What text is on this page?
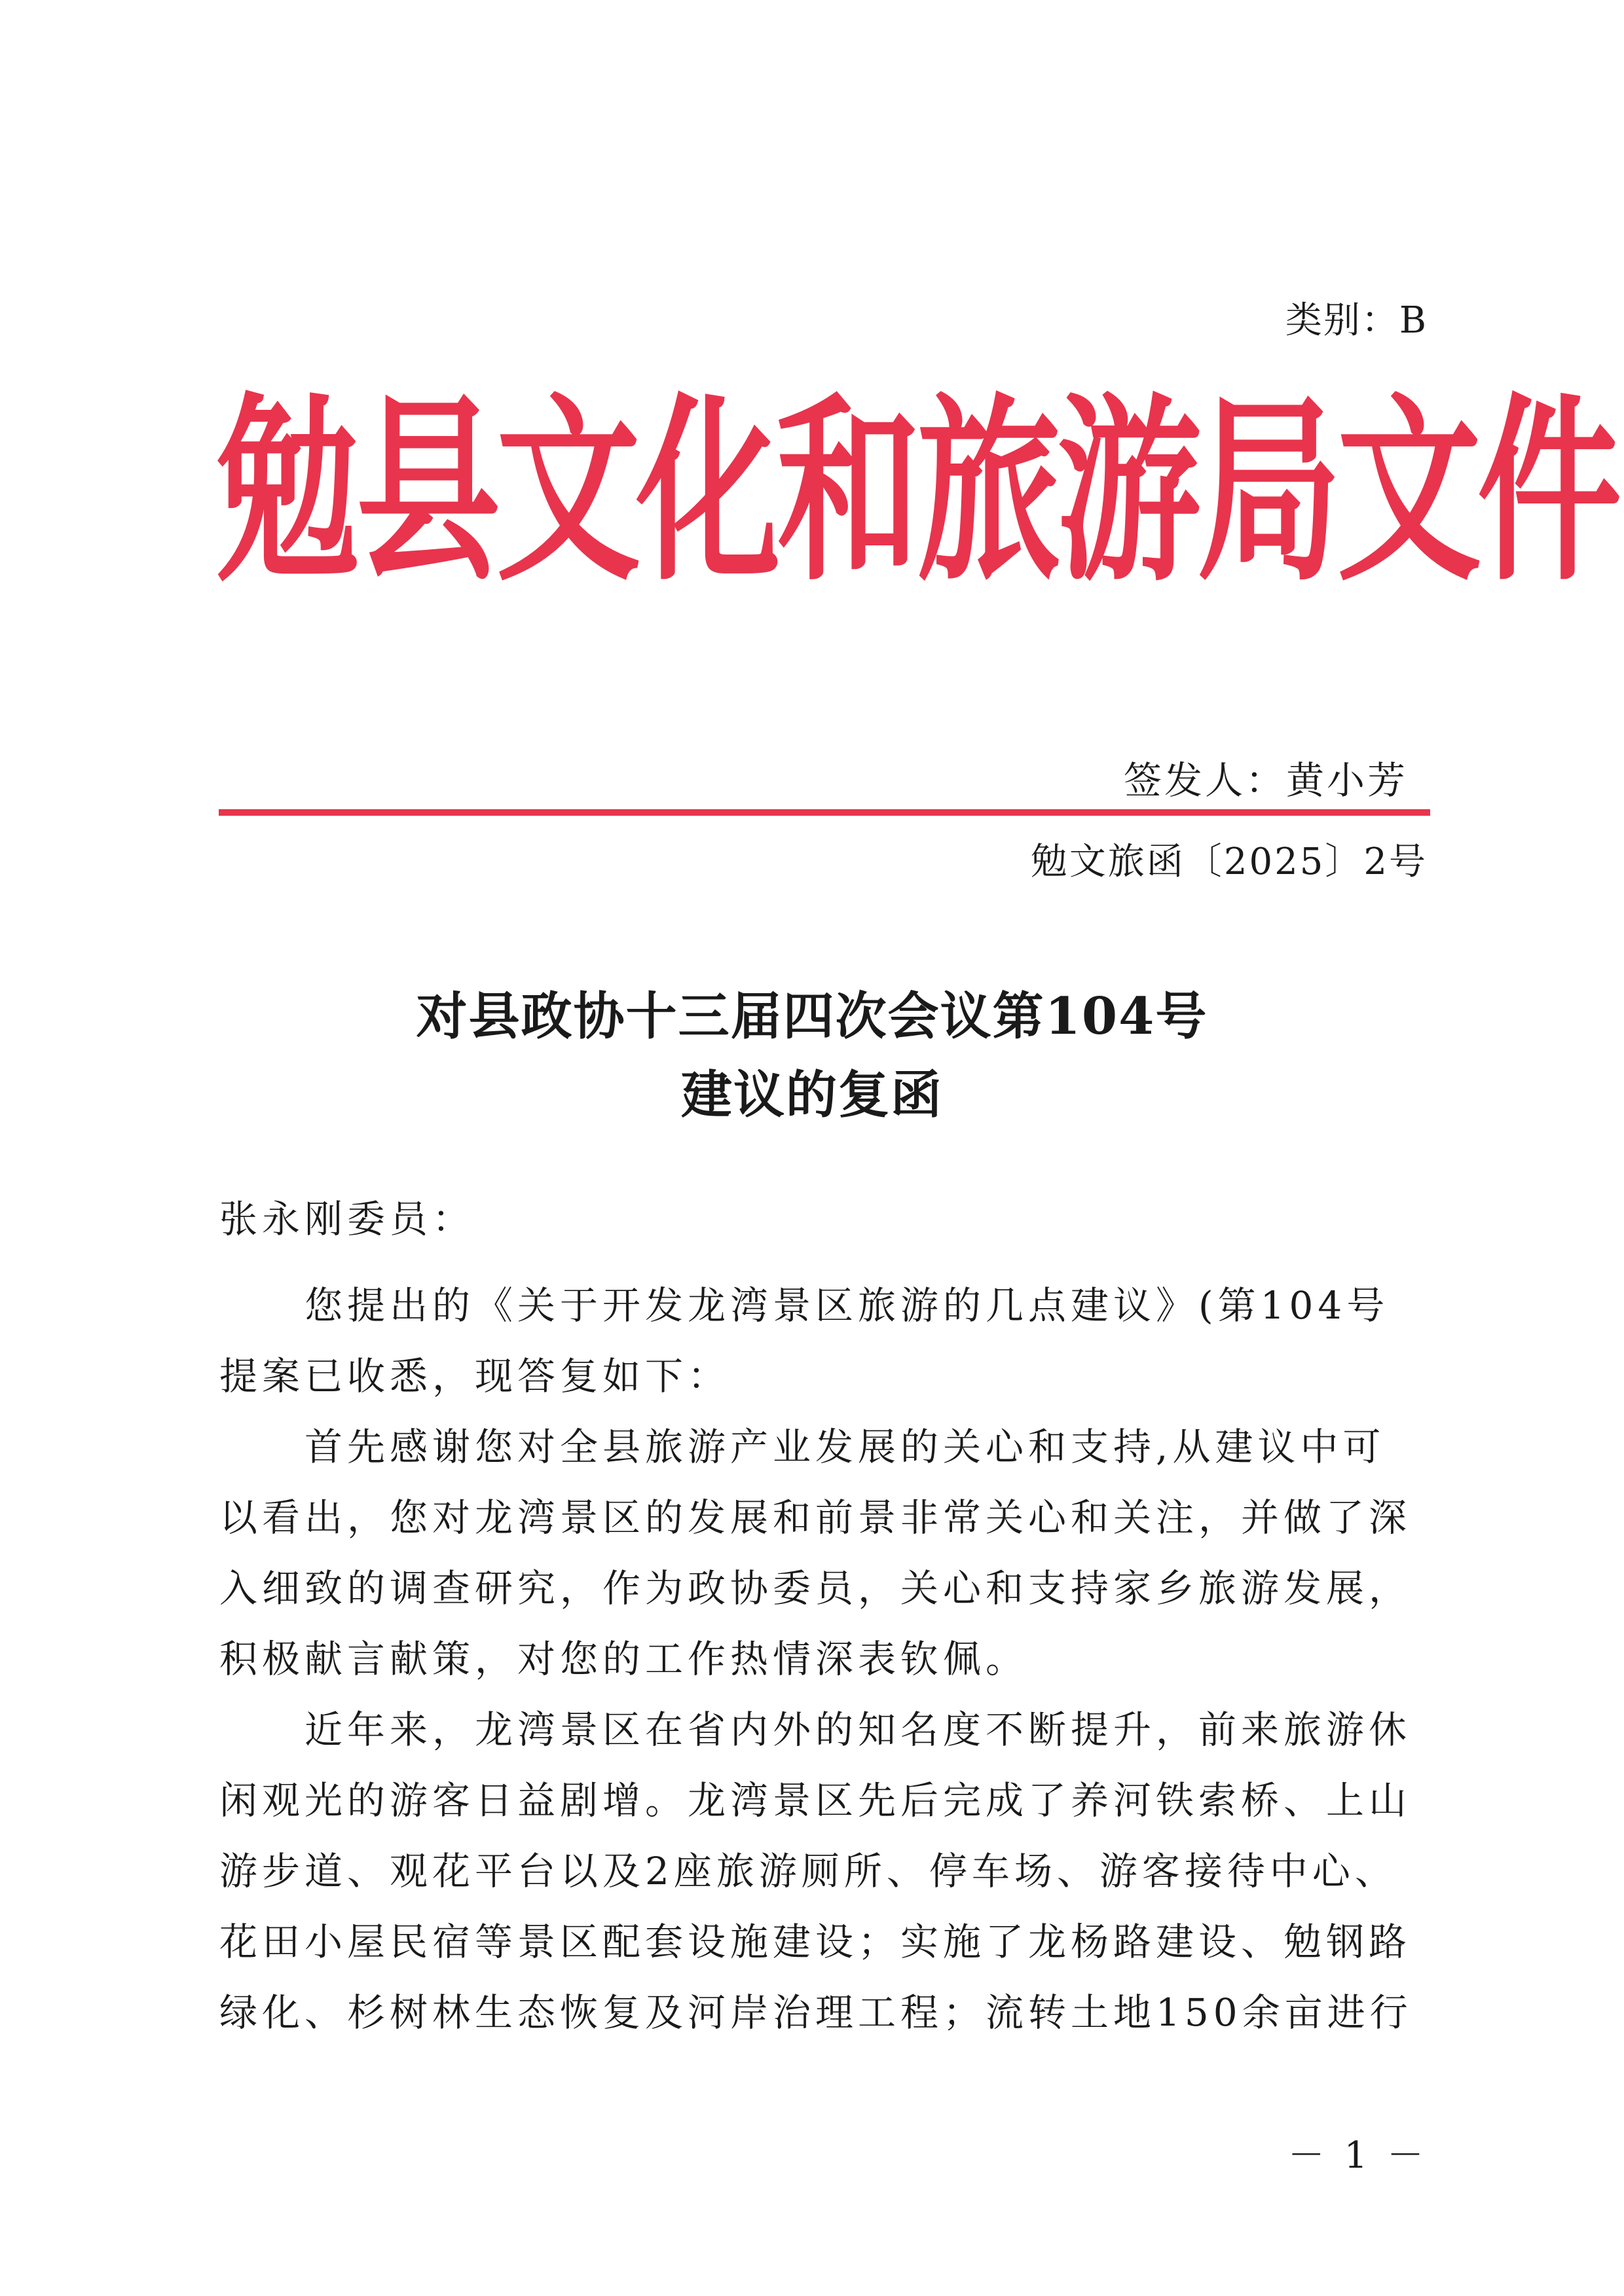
类别：B
勉县文化和旅游局文件
签发人：黄小芳
勉文旅函〔2025〕2号
对县政协十三届四次会议第104号
建议的复函
张永刚委员：
　　您提出的《关于开发龙湾景区旅游的几点建议》(第104号
提案已收悉，现答复如下：
　　首先感谢您对全县旅游产业发展的关心和支持,从建议中可
以看出，您对龙湾景区的发展和前景非常关心和关注，并做了深
入细致的调查研究，作为政协委员，关心和支持家乡旅游发展，
积极献言献策，对您的工作热情深表钦佩。
　　近年来，龙湾景区在省内外的知名度不断提升，前来旅游休
闲观光的游客日益剧增。龙湾景区先后完成了养河铁索桥、上山
游步道、观花平台以及2座旅游厕所、停车场、游客接待中心、
花田小屋民宿等景区配套设施建设；实施了龙杨路建设、勉钢路
绿化、杉树林生态恢复及河岸治理工程；流转土地150余亩进行
－ 1 －
